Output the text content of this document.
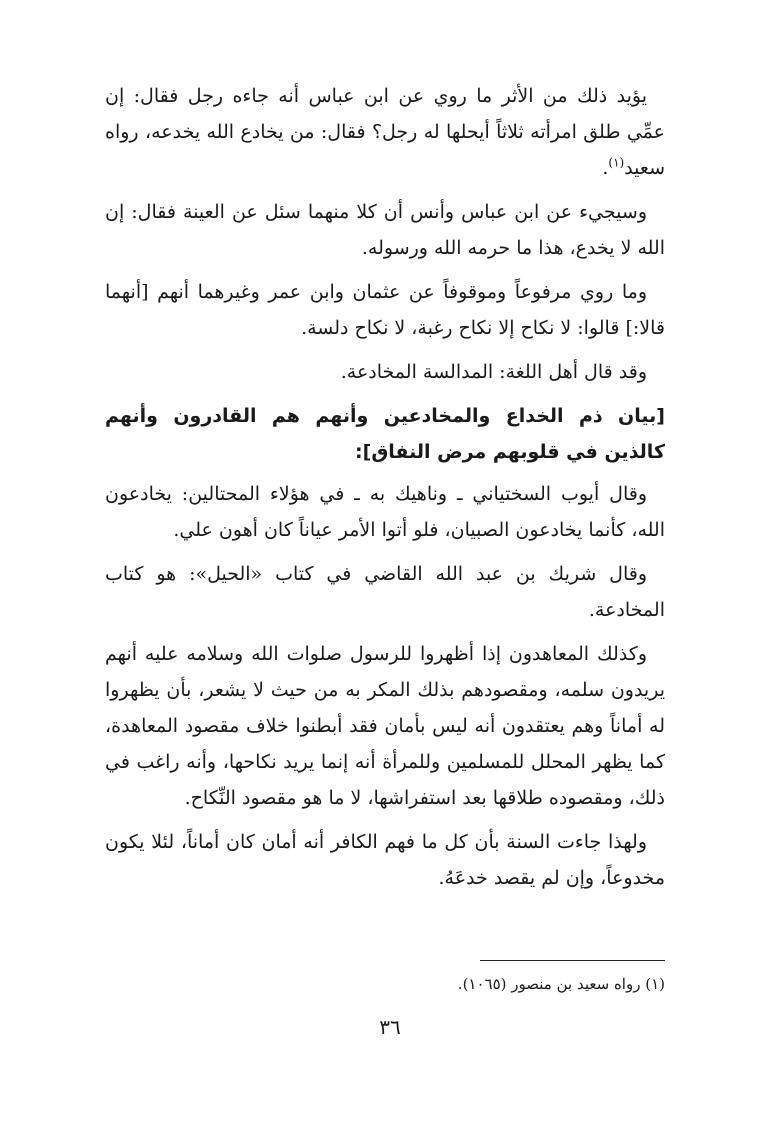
يؤيد ذلك من الأثر ما روي عن ابن عباس أنه جاءه رجل فقال: إن عمِّي طلق امرأته ثلاثاً أيحلها له رجل؟ فقال: من يخادع الله يخدعه، رواه سعيد$^{(١)}$.

وسيجيء عن ابن عباس وأنس أن كلا منهما سئل عن العينة فقال: إن الله لا يخدع، هذا ما حرمه الله ورسوله.

وما روي مرفوعاً وموقوفاً عن عثمان وابن عمر وغيرهما أنهم [أنهما قالا:] قالوا: لا نكاح إلا نكاح رغبة، لا نكاح دلسة.

وقد قال أهل اللغة: المدالسة المخادعة.

[بيان ذم الخداع والمخادعين وأنهم هم القادرون وأنهم كالذين في قلوبهم مرض النفاق]:

وقال أيوب السختياني ـ وناهيك به ـ في هؤلاء المحتالين: يخادعون الله، كأنما يخادعون الصبيان، فلو أتوا الأمر عياناً كان أهون علي.

وقال شريك بن عبد الله القاضي في كتاب «الحيل»: هو كتاب المخادعة.

وكذلك المعاهدون إذا أظهروا للرسول صلوات الله وسلامه عليه أنهم يريدون سلمه، ومقصودهم بذلك المكر به من حيث لا يشعر، بأن يظهروا له أماناً وهم يعتقدون أنه ليس بأمان فقد أبطنوا خلاف مقصود المعاهدة، كما يظهر المحلل للمسلمين وللمرأة أنه إنما يريد نكاحها، وأنه راغب في ذلك، ومقصوده طلاقها بعد استفراشها، لا ما هو مقصود النِّكاح.

ولهذا جاءت السنة بأن كل ما فهم الكافر أنه أمان كان أماناً، لئلا يكون مخدوعاً، وإن لم يقصد خدعَهُ.

(١) رواه سعيد بن منصور (١٠٦٥).
٣٦
